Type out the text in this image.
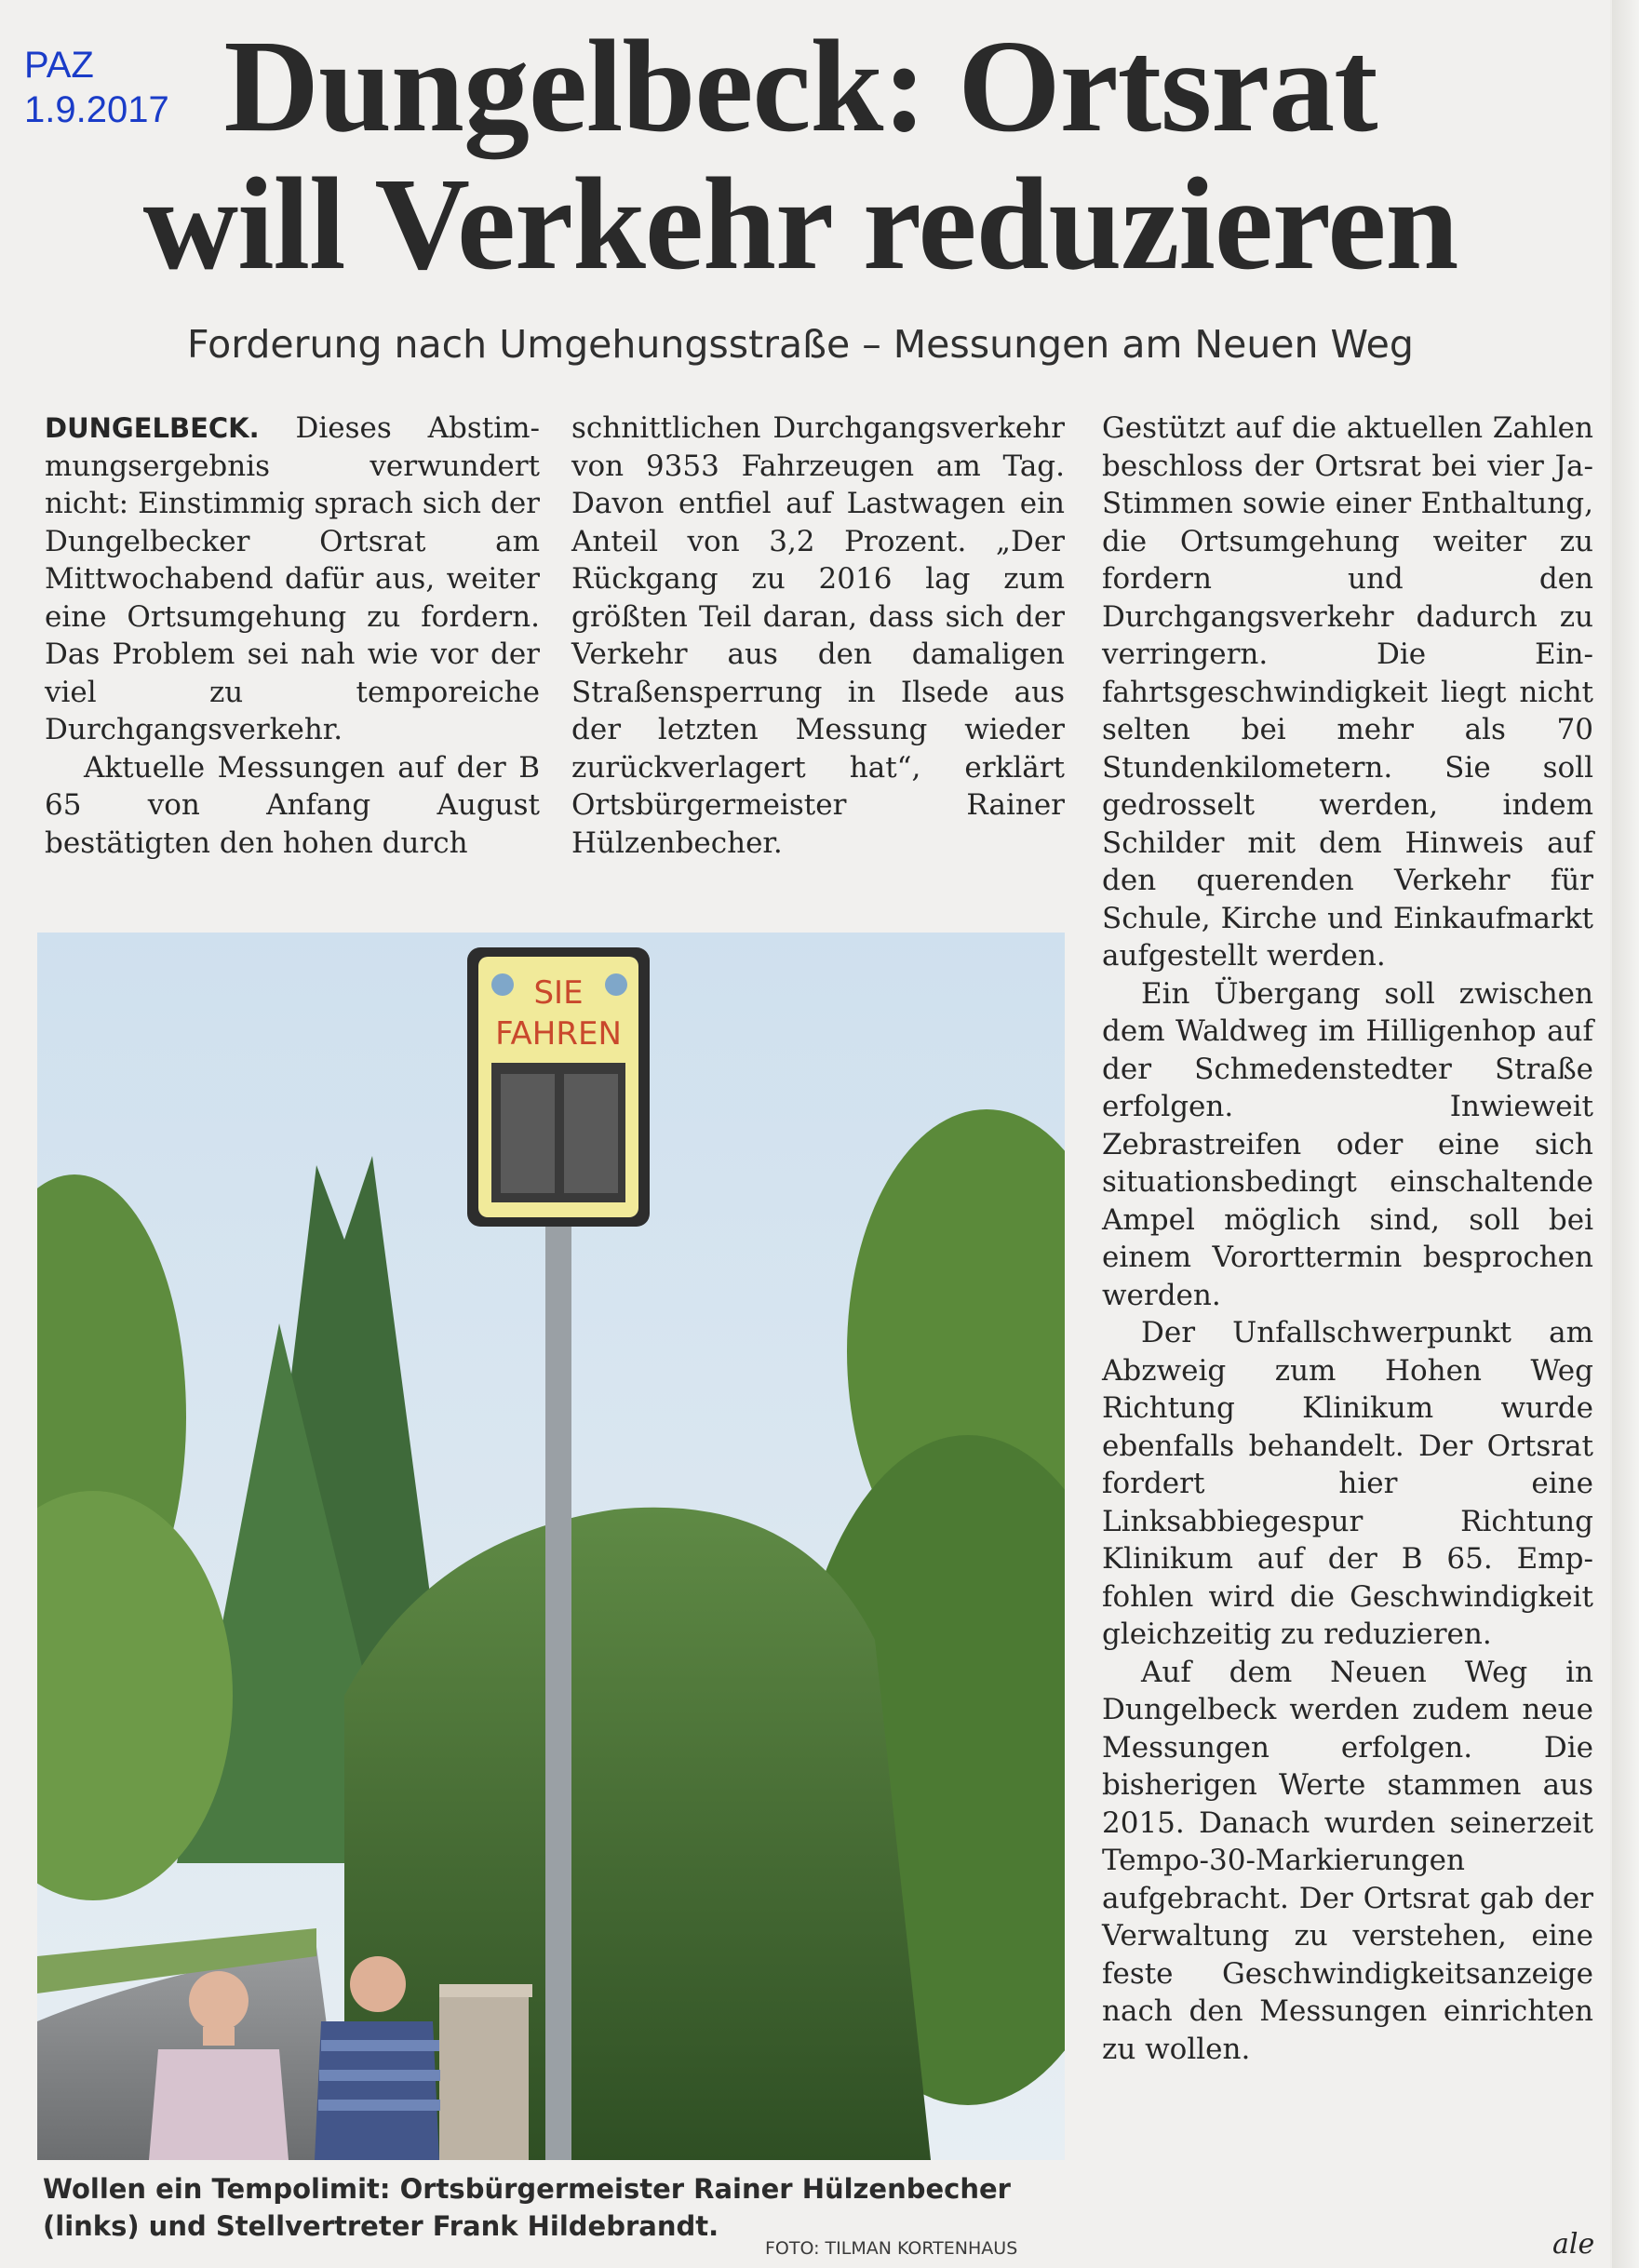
PAZ
1.9.2017 Dungelbeck: Ortsrat
will Verkehr reduzieren
Forderung nach Umgehungsstraße – Messungen am Neuen Weg

DUNGELBECK. Dieses Abstimmungsergebnis verwundert nicht: Einstimmig sprach sich der Dungelbecker Ortsrat am Mittwochabend dafür aus, weiter eine Ortsumgehung zu fordern. Das Problem sei nah wie vor der viel zu temporeiche Durchgangsverkehr.

Aktuelle Messungen auf der B 65 von Anfang August bestätigten den hohen durch

schnittlichen Durchgangsverkehr von 9353 Fahrzeugen am Tag. Davon entfiel auf Lastwagen ein Anteil von 3,2 Prozent. „Der Rückgang zu 2016 lag zum größten Teil daran, dass sich der Verkehr aus den damaligen Straßensperrung in Ilsede aus der letzten Messung wieder zurückverlagert hat“, erklärt Ortsbürgermeister Rainer Hülzenbecher.

Gestützt auf die aktuellen Zahlen beschloss der Ortsrat bei vier Ja-Stimmen sowie einer Enthaltung, die Ortsumgehung weiter zu fordern und den Durchgangsverkehr dadurch zu verringern. Die Einfahrtsgeschwindigkeit liegt nicht selten bei mehr als 70 Stundenkilometern. Sie soll gedrosselt werden, indem Schilder mit dem Hinweis auf den querenden Verkehr für Schule, Kirche und Einkaufmarkt aufgestellt werden.

Ein Übergang soll zwischen dem Waldweg im Hilligenhop auf der Schmedenstedter Straße erfolgen. Inwieweit Zebrastreifen oder eine sich situationsbedingt einschaltende Ampel möglich sind, soll bei einem Vororttermin besprochen werden.

Der Unfallschwerpunkt am Abzweig zum Hohen Weg Richtung Klinikum wurde ebenfalls behandelt. Der Ortsrat fordert hier eine Linksabbiegespur Richtung Klinikum auf der B 65. Empfohlen wird die Geschwindigkeit gleichzeitig zu reduzieren.

Auf dem Neuen Weg in Dungelbeck werden zudem neue Messungen erfolgen. Die bisherigen Werte stammen aus 2015. Danach wurden seinerzeit Tempo-30-Markierungen aufgebracht. Der Ortsrat gab der Verwaltung zu verstehen, eine feste Geschwindigkeitsanzeige nach den Messungen einrichten zu wollen.

SIE
FAHREN
Wollen ein Tempolimit: Ortsbürgermeister Rainer Hülzenbecher (links) und Stellvertreter Frank Hildebrandt.
FOTO: TILMAN KORTENHAUS	ale
